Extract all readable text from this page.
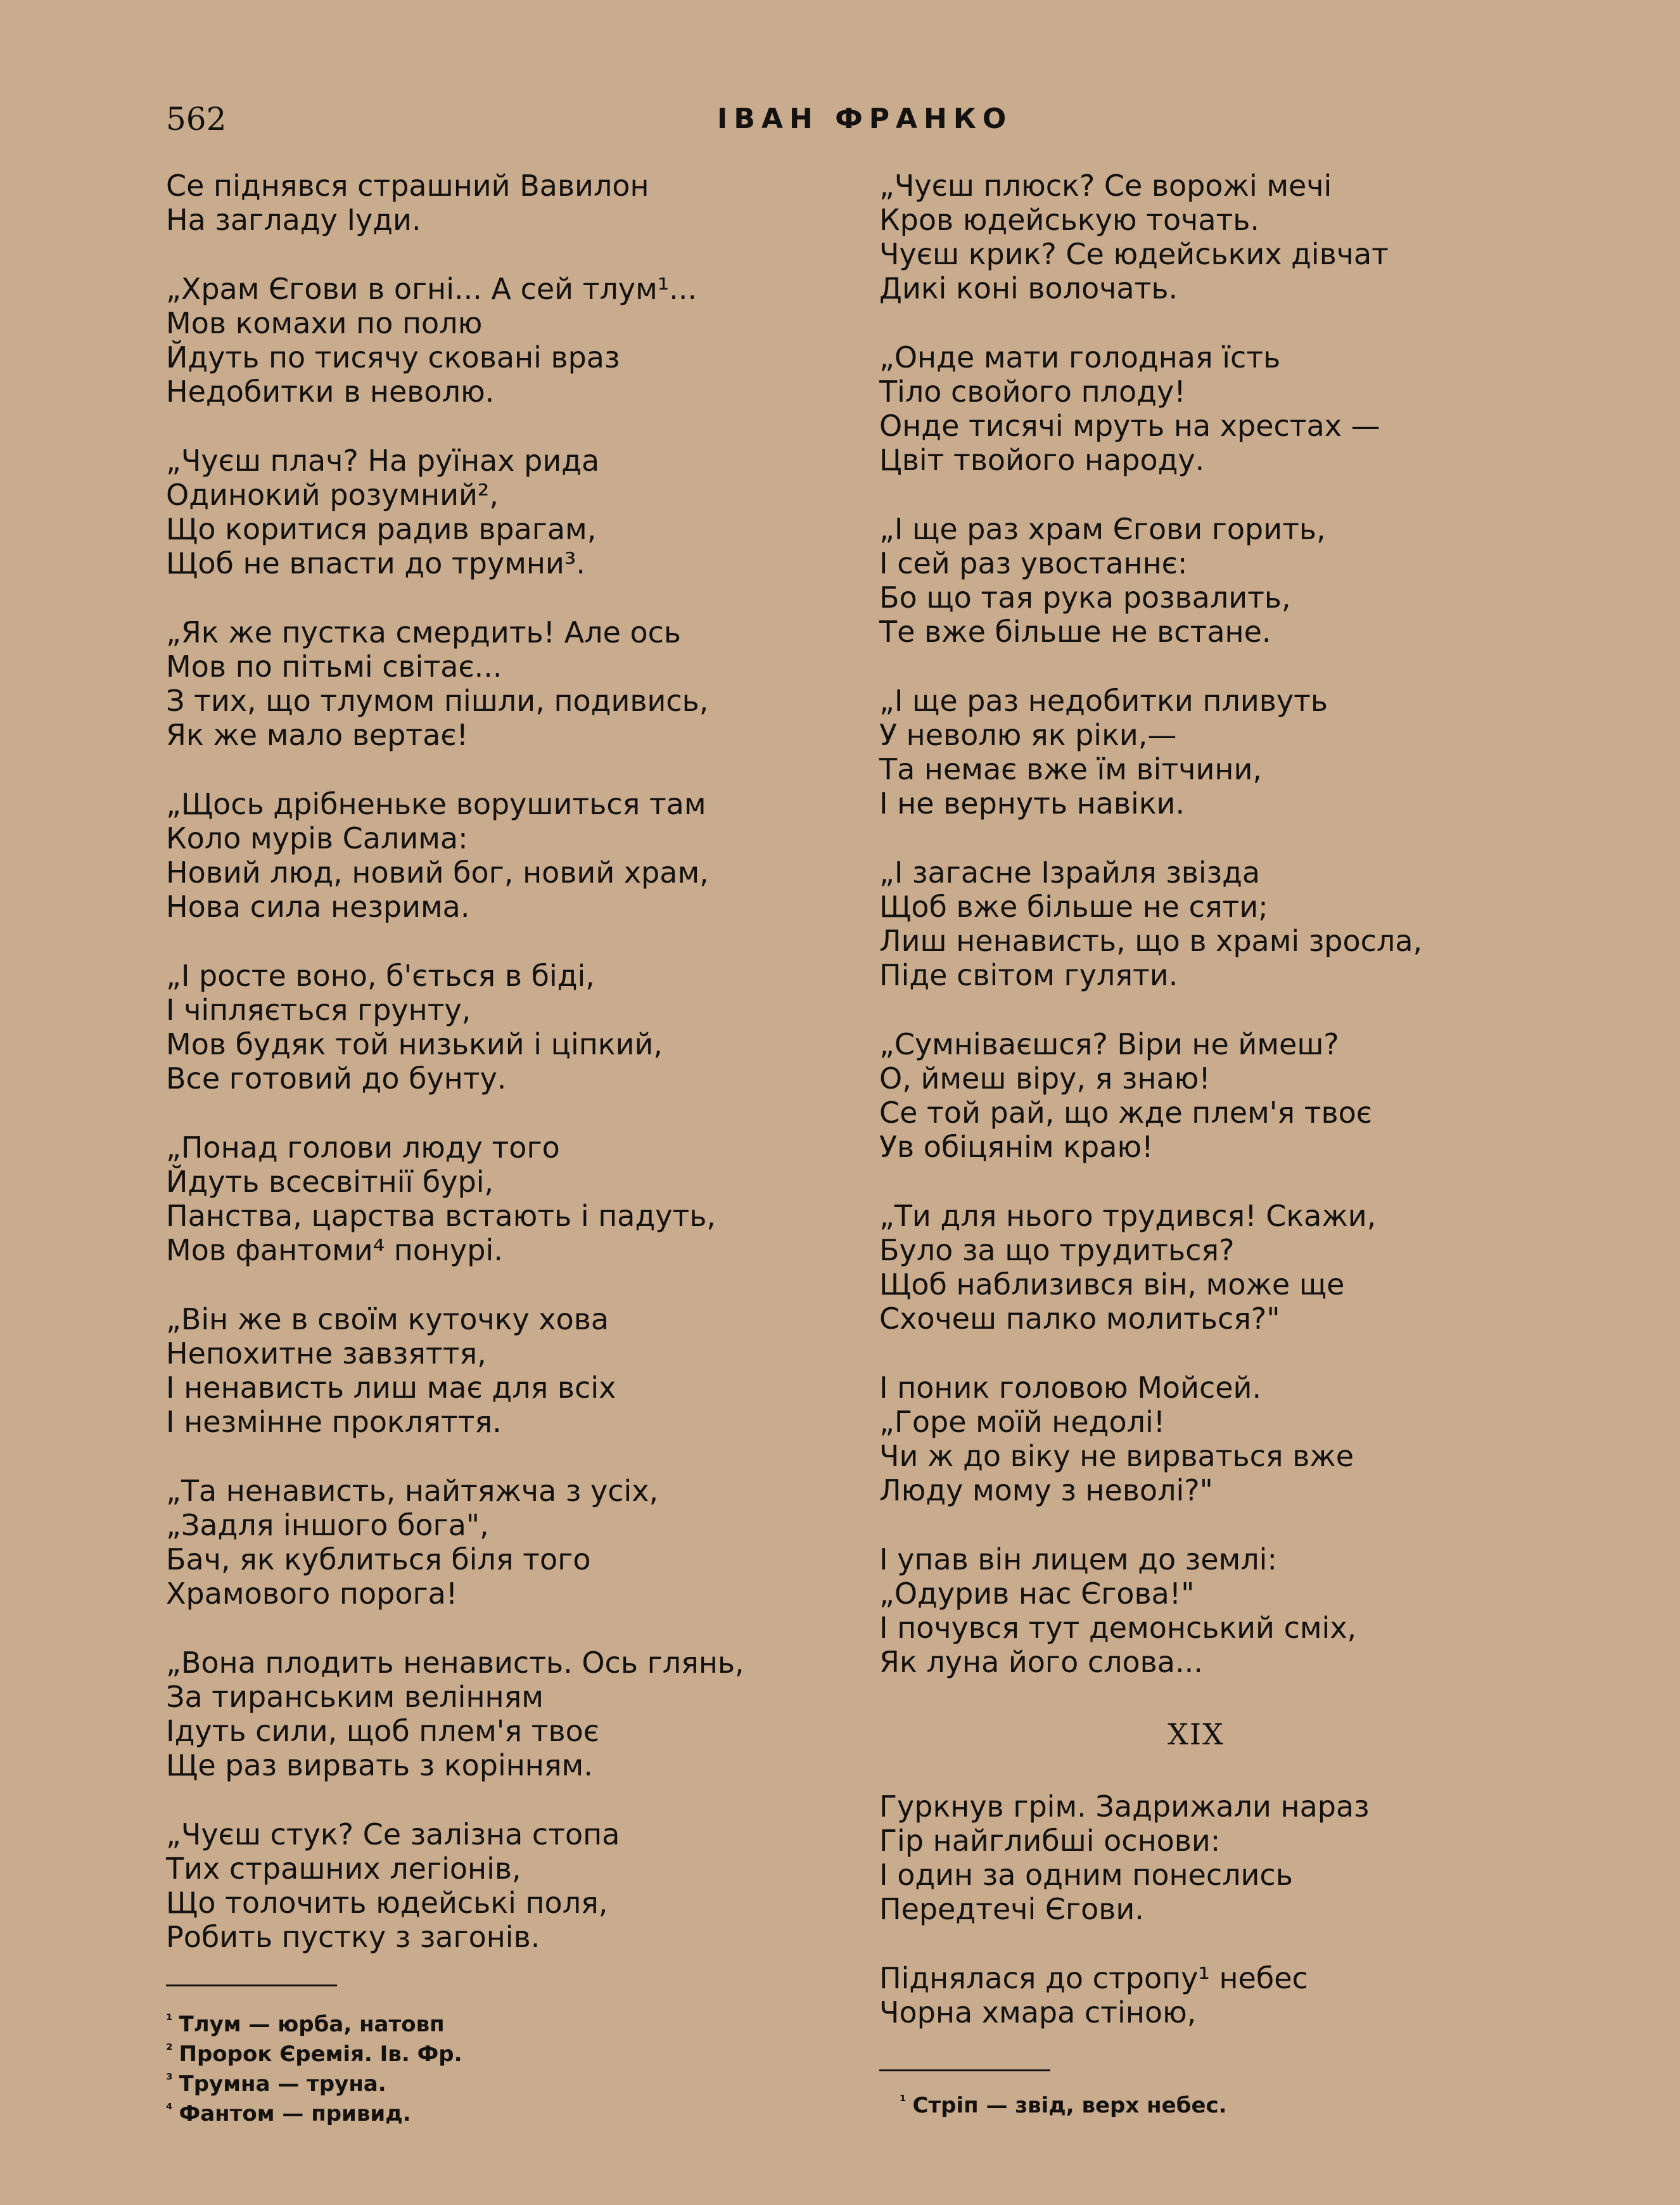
562	ІВАН ФРАНКО
Се піднявся страшний Вавилон
На загладу Іуди.
„Храм Єгови в огні... А сей тлум¹...
Мов комахи по полю
Йдуть по тисячу сковані враз
Недобитки в неволю.
„Чуєш плач? На руїнах рида
Одинокий розумний²,
Що коритися радив врагам,
Щоб не впасти до трумни³.
„Як же пустка смердить! Але ось
Мов по пітьмі світає...
З тих, що тлумом пішли, подивись,
Як же мало вертає!
„Щось дрібненьке ворушиться там
Коло мурів Салима:
Новий люд, новий бог, новий храм,
Нова сила незрима.
„І росте воно, б'ється в біді,
І чіпляється грунту,
Мов будяк той низький і ціпкий,
Все готовий до бунту.
„Понад голови люду того
Йдуть всесвітнії бурі,
Панства, царства встають і падуть,
Мов фантоми⁴ понурі.
„Він же в своїм куточку хова
Непохитне завзяття,
І ненависть лиш має для всіх
І незмінне прокляття.
„Та ненависть, найтяжча з усіх,
„Задля іншого бога",
Бач, як кублиться біля того
Храмового порога!
„Вона плодить ненависть. Ось глянь,
За тиранським велінням
Ідуть сили, щоб плем'я твоє
Ще раз вирвать з корінням.
„Чуєш стук? Се залізна стопа
Тих страшних легіонів,
Що толочить юдейські поля,
Робить пустку з загонів.
„Чуєш плюск? Се ворожі мечі
Кров юдейськую точать.
Чуєш крик? Се юдейських дівчат
Дикі коні волочать.
„Онде мати голодная їсть
Тіло свойого плоду!
Онде тисячі мруть на хрестах —
Цвіт твойого народу.
„І ще раз храм Єгови горить,
І сей раз увостаннє:
Бо що тая рука розвалить,
Те вже більше не встане.
„І ще раз недобитки пливуть
У неволю як ріки,—
Та немає вже їм вітчини,
І не вернуть навіки.
„І загасне Ізрайля звізда
Щоб вже більше не сяти;
Лиш ненависть, що в храмі зросла,
Піде світом гуляти.
„Сумніваєшся? Віри не ймеш?
О, ймеш віру, я знаю!
Се той рай, що жде плем'я твоє
Ув обіцянім краю!
„Ти для нього трудився! Скажи,
Було за що трудиться?
Щоб наблизився він, може ще
Схочеш палко молиться?"
І поник головою Мойсей.
„Горе моїй недолі!
Чи ж до віку не вирваться вже
Люду мому з неволі?"
І упав він лицем до землі:
„Одурив нас Єгова!"
І почувся тут демонський сміх,
Як луна його слова...
XIX
Гуркнув грім. Задрижали нараз
Гір найглибші основи:
І один за одним понеслись
Передтечі Єгови.
Піднялася до стропу¹ небес
Чорна хмара стіною,
$^{^1}$ Тлум — юрба, натовп
$^{^2}$ Пророк Єремія. Ів. Фр.
$^{^3}$ Трумна — труна.
$^{^4}$ Фантом — привид.	$^{^1}$ Стріп — звід, верх небес.
